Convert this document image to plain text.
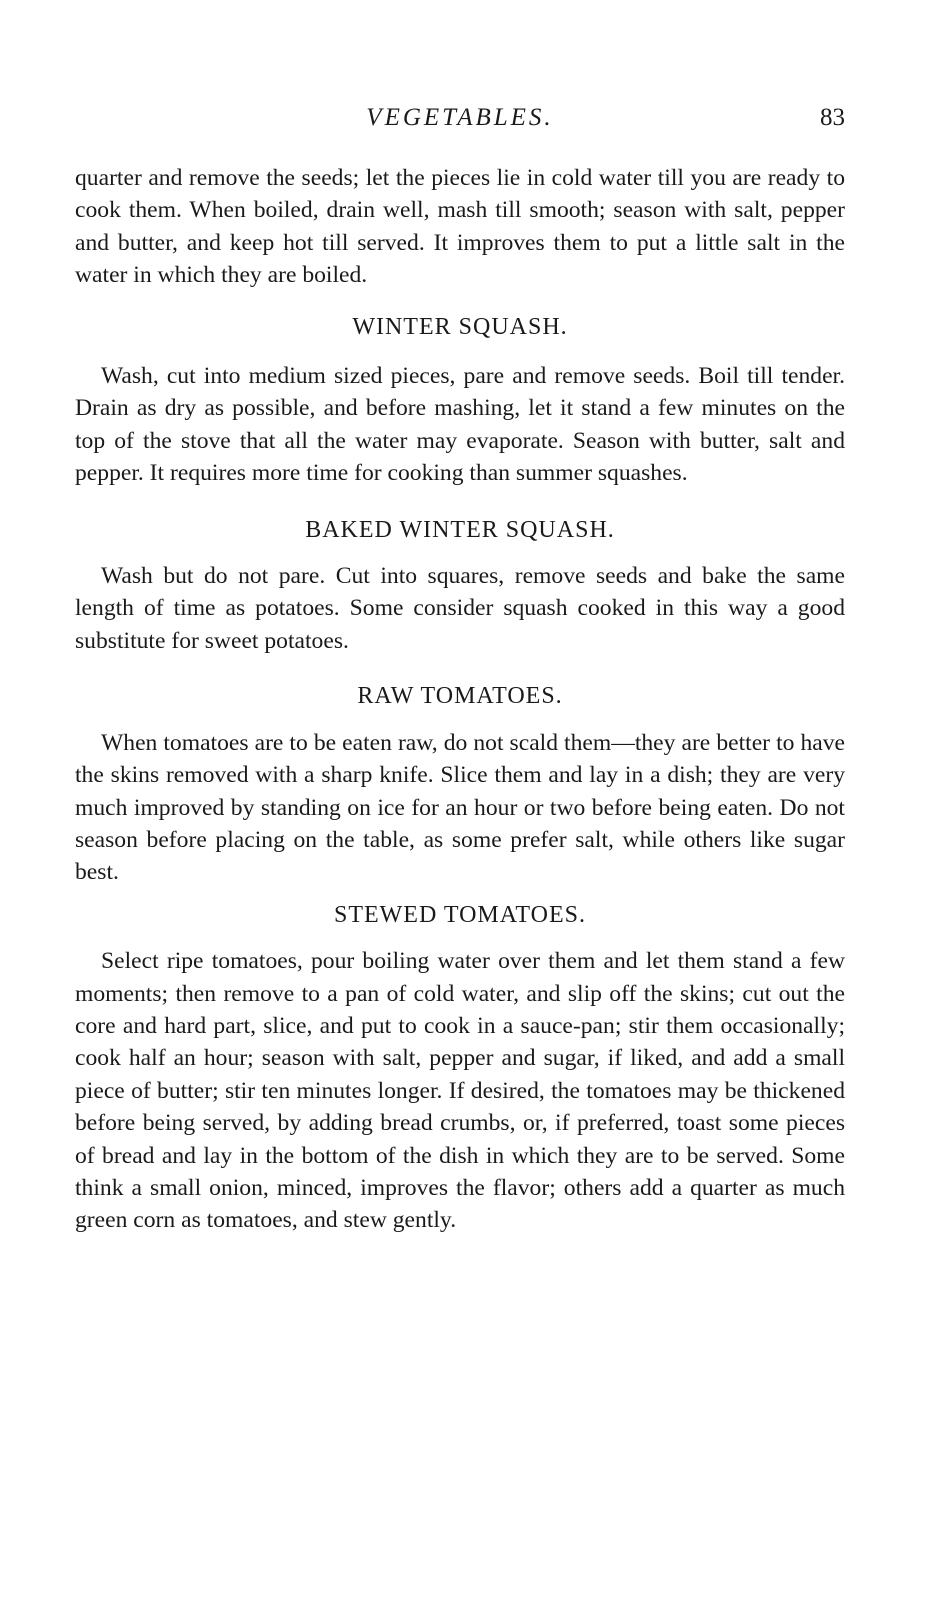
VEGETABLES.	83

quarter and remove the seeds; let the pieces lie in cold water till you are ready to cook them. When boiled, drain well, mash till smooth; season with salt, pepper and butter, and keep hot till served. It improves them to put a little salt in the water in which they are boiled.

WINTER SQUASH.

Wash, cut into medium sized pieces, pare and remove seeds. Boil till tender. Drain as dry as possible, and before mashing, let it stand a few minutes on the top of the stove that all the water may evaporate. Season with butter, salt and pepper. It requires more time for cooking than summer squashes.

BAKED WINTER SQUASH.

Wash but do not pare. Cut into squares, remove seeds and bake the same length of time as potatoes. Some consider squash cooked in this way a good substitute for sweet potatoes.

RAW TOMATOES.

When tomatoes are to be eaten raw, do not scald them—they are better to have the skins removed with a sharp knife. Slice them and lay in a dish; they are very much improved by standing on ice for an hour or two before being eaten. Do not season before placing on the table, as some prefer salt, while others like sugar best.

STEWED TOMATOES.

Select ripe tomatoes, pour boiling water over them and let them stand a few moments; then remove to a pan of cold water, and slip off the skins; cut out the core and hard part, slice, and put to cook in a sauce-pan; stir them occasionally; cook half an hour; season with salt, pepper and sugar, if liked, and add a small piece of butter; stir ten minutes longer. If desired, the tomatoes may be thickened before being served, by adding bread crumbs, or, if preferred, toast some pieces of bread and lay in the bottom of the dish in which they are to be served. Some think a small onion, minced, improves the flavor; others add a quarter as much green corn as tomatoes, and stew gently.
